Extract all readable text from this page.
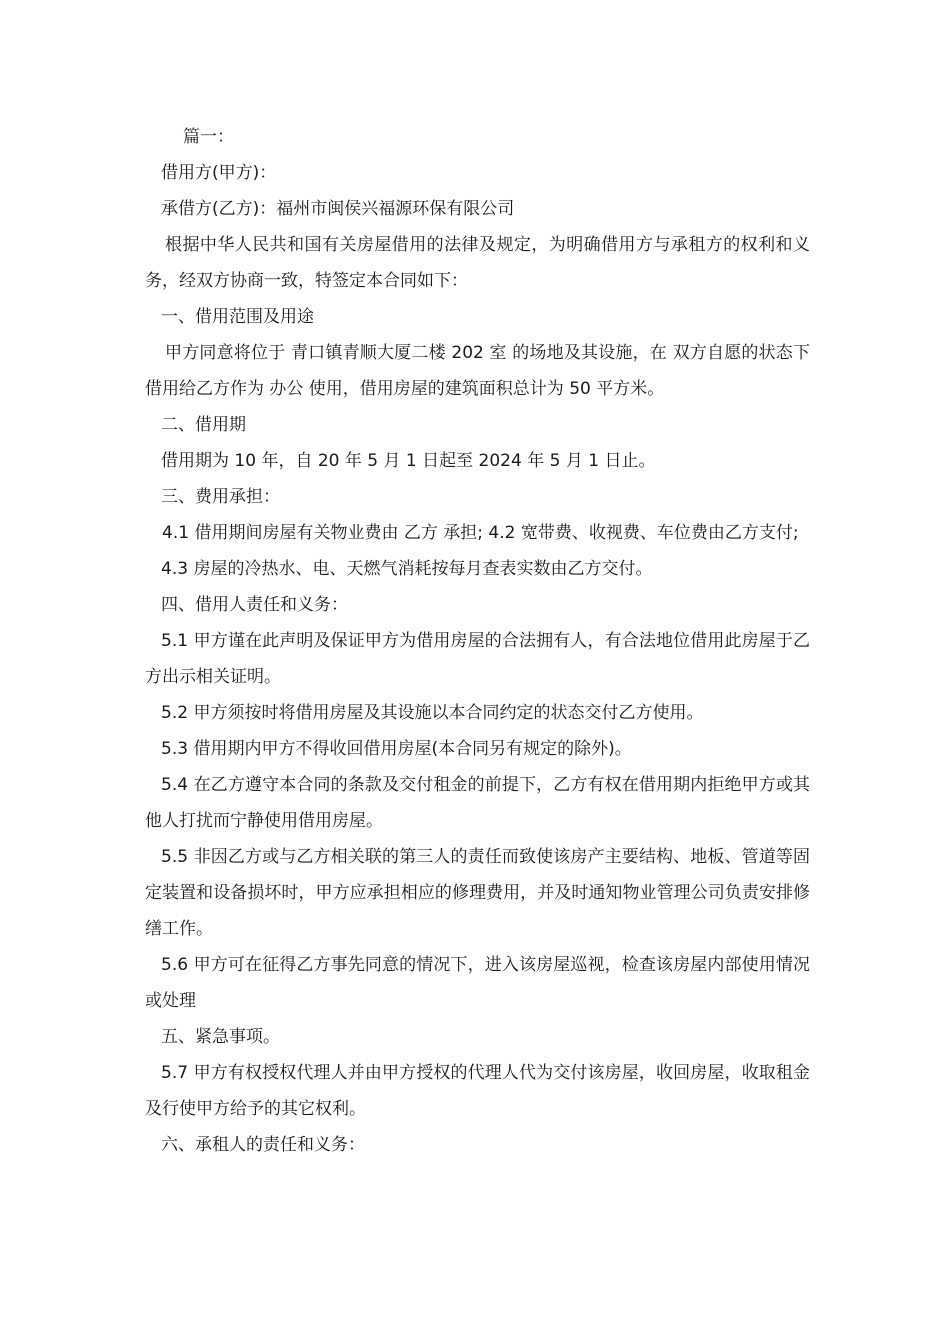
篇一：

借用方(甲方)：

承借方(乙方)：福州市闽侯兴福源环保有限公司

根据中华人民共和国有关房屋借用的法律及规定，为明确借用方与承租方的权利和义务，经双方协商一致，特签定本合同如下：

一、借用范围及用途

甲方同意将位于 青口镇青顺大厦二楼 202 室 的场地及其设施，在 双方自愿的状态下借用给乙方作为 办公 使用，借用房屋的建筑面积总计为 50 平方米。

二、借用期

借用期为 10 年，自 20 年 5 月 1 日起至 2024 年 5 月 1 日止。

三、费用承担：

4.1 借用期间房屋有关物业费由 乙方 承担; 4.2 宽带费、收视费、车位费由乙方支付;

4.3 房屋的冷热水、电、天燃气消耗按每月查表实数由乙方交付。

四、借用人责任和义务：

5.1 甲方谨在此声明及保证甲方为借用房屋的合法拥有人，有合法地位借用此房屋于乙方出示相关证明。

5.2 甲方须按时将借用房屋及其设施以本合同约定的状态交付乙方使用。

5.3 借用期内甲方不得收回借用房屋(本合同另有规定的除外)。

5.4 在乙方遵守本合同的条款及交付租金的前提下，乙方有权在借用期内拒绝甲方或其他人打扰而宁静使用借用房屋。

5.5 非因乙方或与乙方相关联的第三人的责任而致使该房产主要结构、地板、管道等固定装置和设备损坏时，甲方应承担相应的修理费用，并及时通知物业管理公司负责安排修缮工作。

5.6 甲方可在征得乙方事先同意的情况下，进入该房屋巡视，检查该房屋内部使用情况或处理

五、紧急事项。

5.7 甲方有权授权代理人并由甲方授权的代理人代为交付该房屋，收回房屋，收取租金及行使甲方给予的其它权利。

六、承租人的责任和义务：
